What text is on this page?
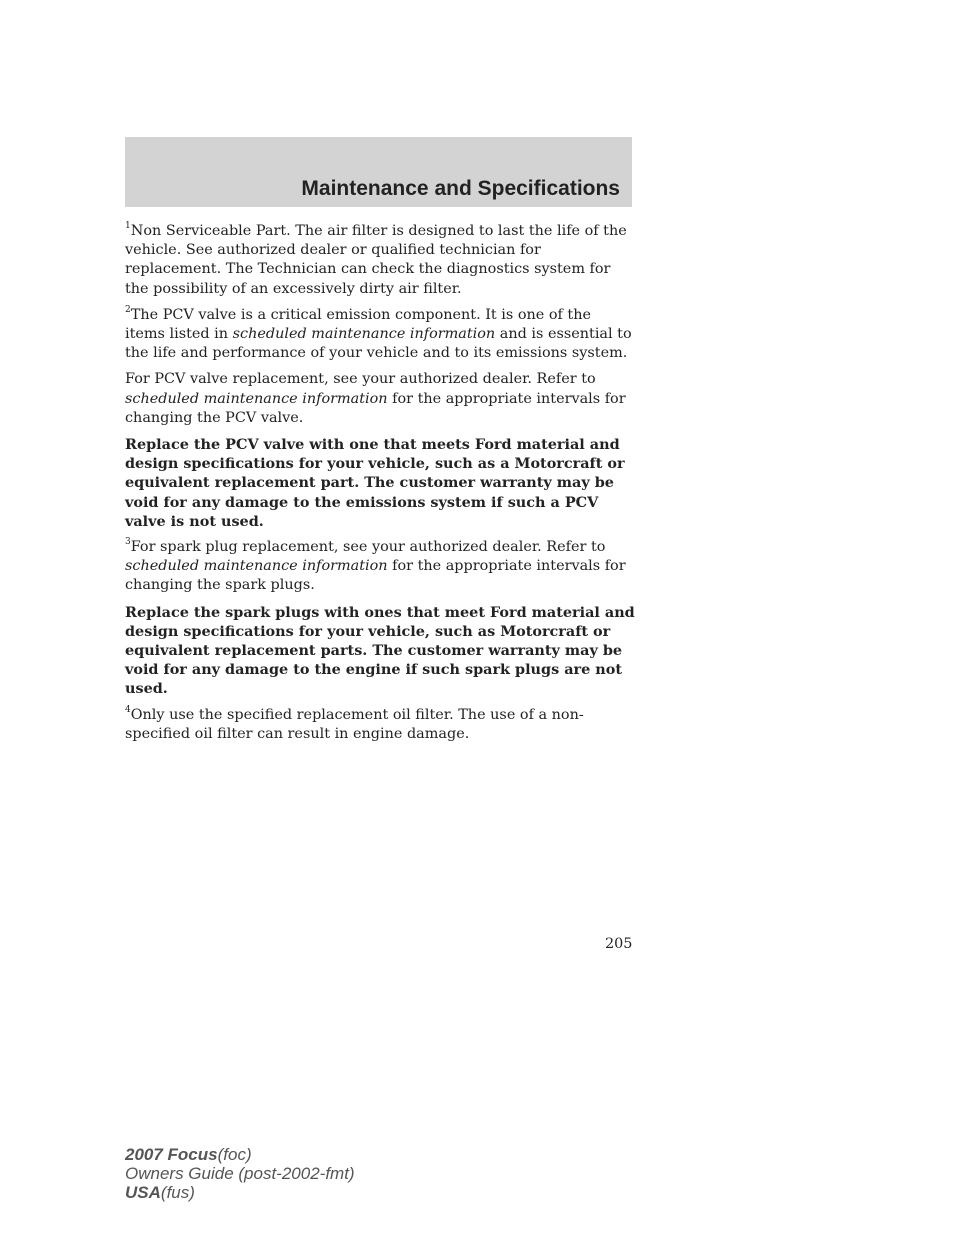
Maintenance and Specifications

$^1$Non Serviceable Part. The air filter is designed to last the life of the vehicle. See authorized dealer or qualified technician for replacement. The Technician can check the diagnostics system for the possibility of an excessively dirty air filter.

$^2$The PCV valve is a critical emission component. It is one of the items listed in scheduled maintenance information and is essential to the life and performance of your vehicle and to its emissions system.

For PCV valve replacement, see your authorized dealer. Refer to scheduled maintenance information for the appropriate intervals for changing the PCV valve.

Replace the PCV valve with one that meets Ford material and design specifications for your vehicle, such as a Motorcraft or equivalent replacement part. The customer warranty may be void for any damage to the emissions system if such a PCV valve is not used.

$^3$For spark plug replacement, see your authorized dealer. Refer to scheduled maintenance information for the appropriate intervals for changing the spark plugs.

Replace the spark plugs with ones that meet Ford material and design specifications for your vehicle, such as Motorcraft or equivalent replacement parts. The customer warranty may be void for any damage to the engine if such spark plugs are not used.

$^4$Only use the specified replacement oil filter. The use of a non-specified oil filter can result in engine damage.

205
2007 Focus(foc)
Owners Guide (post-2002-fmt)
USA(fus)
